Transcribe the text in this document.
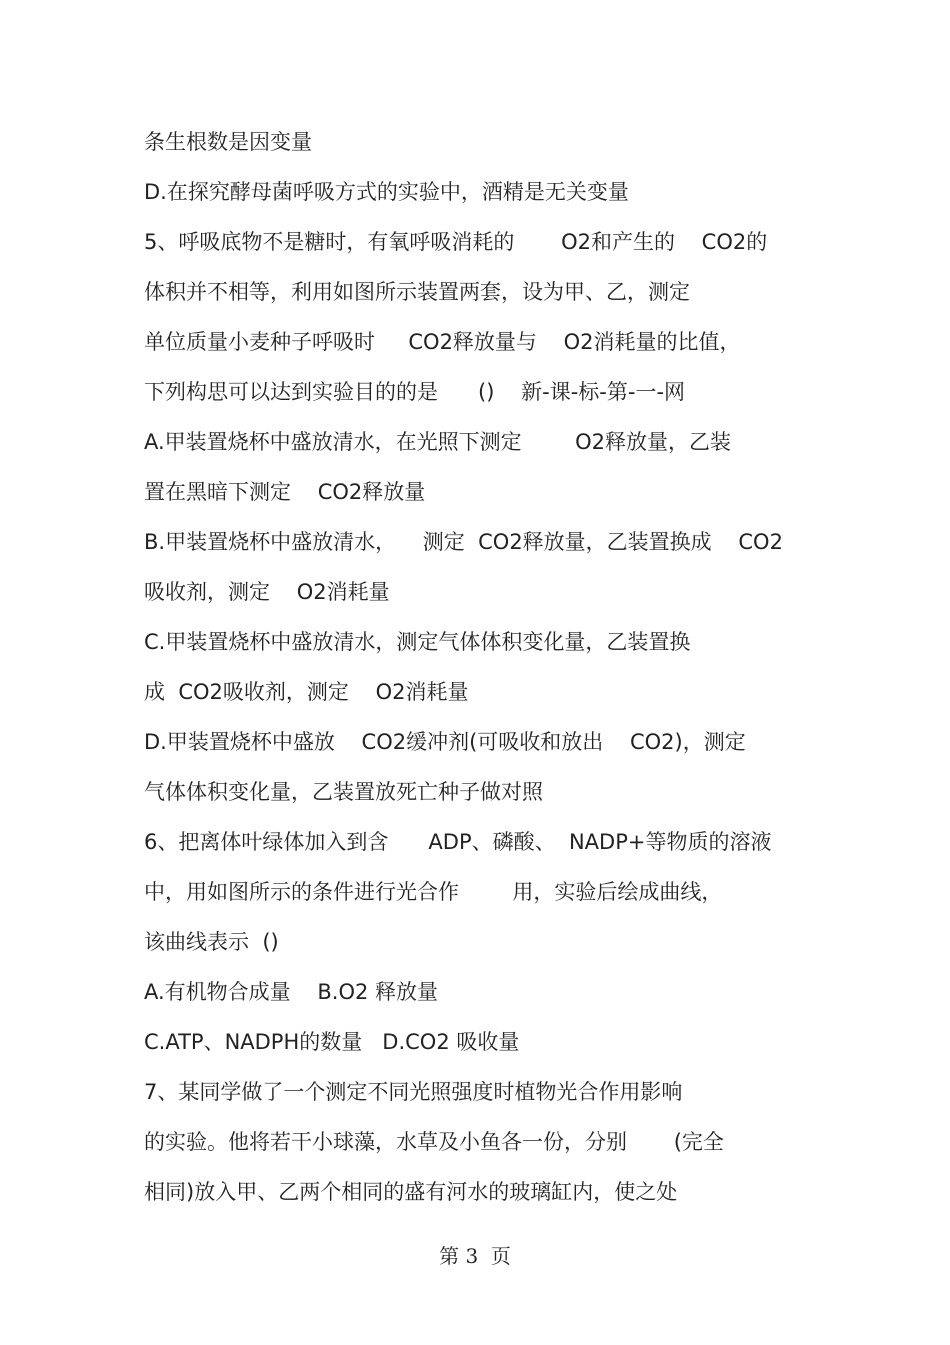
条生根数是因变量
D.在探究酵母菌呼吸方式的实验中，酒精是无关变量
5、呼吸底物不是糖时，有氧呼吸消耗的       O2和产生的    CO2的
体积并不相等，利用如图所示装置两套，设为甲、乙，测定
单位质量小麦种子呼吸时     CO2释放量与    O2消耗量的比值，
下列构思可以达到实验目的的是      ()    新-课-标-第-一-网
A.甲装置烧杯中盛放清水，在光照下测定        O2释放量，乙装
置在黑暗下测定    CO2释放量
B.甲装置烧杯中盛放清水，    测定  CO2释放量，乙装置换成    CO2
吸收剂，测定    O2消耗量
C.甲装置烧杯中盛放清水，测定气体体积变化量，乙装置换
成  CO2吸收剂，测定    O2消耗量
D.甲装置烧杯中盛放    CO2缓冲剂(可吸收和放出    CO2)，测定
气体体积变化量，乙装置放死亡种子做对照
6、把离体叶绿体加入到含      ADP、磷酸、  NADP+等物质的溶液
中，用如图所示的条件进行光合作        用，实验后绘成曲线，
该曲线表示  ()
A.有机物合成量    B.O2 释放量
C.ATP、NADPH的数量   D.CO2 吸收量
7、某同学做了一个测定不同光照强度时植物光合作用影响
的实验。他将若干小球藻，水草及小鱼各一份，分别       (完全
相同)放入甲、乙两个相同的盛有河水的玻璃缸内，使之处
第 3  页
